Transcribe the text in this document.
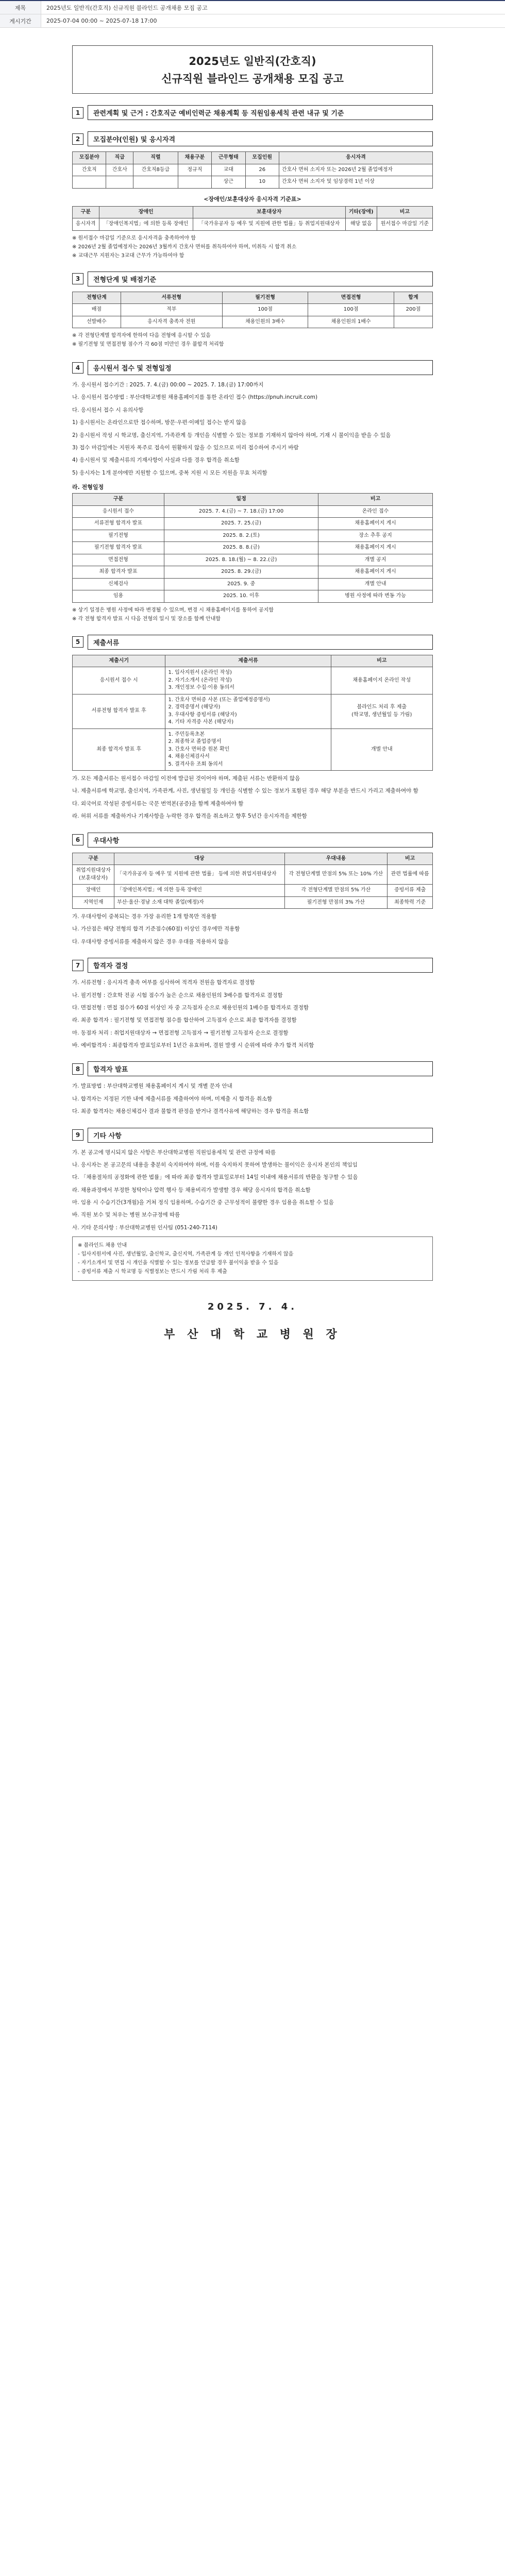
제목	2025년도 일반직(간호직) 신규직원 블라인드 공개채용 모집 공고
게시기간	2025-07-04 00:00 ~ 2025-07-18 17:00
2025년도 일반직(간호직)
신규직원 블라인드 공개채용 모집 공고
1	관련계획 및 근거 : 간호직군 예비인력군 채용계획 등 직원임용세칙 관련 내규 및 기준
2	모집분야(인원) 및 응시자격
모집분야	직급	직렬	채용구분	근무형태	모집인원	응시자격
간호직	간호사	간호직8등급	정규직	교대	26	간호사 면허 소지자 또는 2026년 2월 졸업예정자
				상근	10	간호사 면허 소지자 및 임상경력 1년 이상
<장애인/보훈대상자 응시자격 기준표>
구분	장애인	보훈대상자	기타(장애)	비고
응시자격	「장애인복지법」에 의한 등록 장애인	「국가유공자 등 예우 및 지원에 관한 법률」등 취업지원대상자	해당 없음	원서접수 마감일 기준
※ 원서접수 마감일 기준으로 응시자격을 충족하여야 함
※ 2026년 2월 졸업예정자는 2026년 3월까지 간호사 면허를 취득하여야 하며, 미취득 시 합격 취소
※ 교대근무 지원자는 3교대 근무가 가능하여야 함
3	전형단계 및 배점기준
전형단계	서류전형	필기전형	면접전형	합계
배점	적부	100점	100점	200점
선발배수	응시자격 충족자 전원	채용인원의 3배수	채용인원의 1배수	
※ 각 전형단계별 합격자에 한하여 다음 전형에 응시할 수 있음
※ 필기전형 및 면접전형 점수가 각 60점 미만인 경우 불합격 처리함
4	응시원서 접수 및 전형일정
가. 응시원서 접수기간 : 2025. 7. 4.(금) 00:00 ~ 2025. 7. 18.(금) 17:00까지
나. 응시원서 접수방법 : 부산대학교병원 채용홈페이지를 통한 온라인 접수 (https://pnuh.incruit.com)
다. 응시원서 접수 시 유의사항
1) 응시원서는 온라인으로만 접수하며, 방문·우편·이메일 접수는 받지 않음
2) 응시원서 작성 시 학교명, 출신지역, 가족관계 등 개인을 식별할 수 있는 정보를 기재하지 않아야 하며, 기재 시 불이익을 받을 수 있음
3) 접수 마감일에는 지원자 폭주로 접속이 원활하지 않을 수 있으므로 미리 접수하여 주시기 바람
4) 응시원서 및 제출서류의 기재사항이 사실과 다를 경우 합격을 취소함
5) 응시자는 1개 분야에만 지원할 수 있으며, 중복 지원 시 모든 지원을 무효 처리함
라. 전형일정
구분	일정	비고
응시원서 접수	2025. 7. 4.(금) ~ 7. 18.(금) 17:00	온라인 접수
서류전형 합격자 발표	2025. 7. 25.(금)	채용홈페이지 게시
필기전형	2025. 8. 2.(토)	장소 추후 공지
필기전형 합격자 발표	2025. 8. 8.(금)	채용홈페이지 게시
면접전형	2025. 8. 18.(월) ~ 8. 22.(금)	개별 공지
최종 합격자 발표	2025. 8. 29.(금)	채용홈페이지 게시
신체검사	2025. 9. 중	개별 안내
임용	2025. 10. 이후	병원 사정에 따라 변동 가능
※ 상기 일정은 병원 사정에 따라 변경될 수 있으며, 변경 시 채용홈페이지를 통하여 공지함
※ 각 전형 합격자 발표 시 다음 전형의 일시 및 장소를 함께 안내함
5	제출서류
제출시기	제출서류	비고
응시원서 접수 시	1. 입사지원서 (온라인 작성)
2. 자기소개서 (온라인 작성)
3. 개인정보 수집·이용 동의서	채용홈페이지 온라인 작성
서류전형 합격자 발표 후	1. 간호사 면허증 사본 (또는 졸업예정증명서)
2. 경력증명서 (해당자)
3. 우대사항 증빙서류 (해당자)
4. 기타 자격증 사본 (해당자)	블라인드 처리 후 제출
(학교명, 생년월일 등 가림)
최종 합격자 발표 후	1. 주민등록초본
2. 최종학교 졸업증명서
3. 간호사 면허증 원본 확인
4. 채용신체검사서
5. 결격사유 조회 동의서	개별 안내
가. 모든 제출서류는 원서접수 마감일 이전에 발급된 것이어야 하며, 제출된 서류는 반환하지 않음
나. 제출서류에 학교명, 출신지역, 가족관계, 사진, 생년월일 등 개인을 식별할 수 있는 정보가 포함된 경우 해당 부분을 반드시 가리고 제출하여야 함
다. 외국어로 작성된 증빙서류는 국문 번역본(공증)을 함께 제출하여야 함
라. 허위 서류를 제출하거나 기재사항을 누락한 경우 합격을 취소하고 향후 5년간 응시자격을 제한함
6	우대사항
구분	대상	우대내용	비고
취업지원대상자
(보훈대상자)	「국가유공자 등 예우 및 지원에 관한 법률」 등에 의한 취업지원대상자	각 전형단계별 만점의 5% 또는 10% 가산	관련 법률에 따름
장애인	「장애인복지법」에 의한 등록 장애인	각 전형단계별 만점의 5% 가산	증빙서류 제출
지역인재	부산·울산·경남 소재 대학 졸업(예정)자	필기전형 만점의 3% 가산	최종학력 기준
가. 우대사항이 중복되는 경우 가장 유리한 1개 항목만 적용함
나. 가산점은 해당 전형의 합격 기준점수(60점) 이상인 경우에만 적용함
다. 우대사항 증빙서류를 제출하지 않은 경우 우대를 적용하지 않음
7	합격자 결정
가. 서류전형 : 응시자격 충족 여부를 심사하여 적격자 전원을 합격자로 결정함
나. 필기전형 : 간호학 전공 시험 점수가 높은 순으로 채용인원의 3배수를 합격자로 결정함
다. 면접전형 : 면접 점수가 60점 이상인 자 중 고득점자 순으로 채용인원의 1배수를 합격자로 결정함
라. 최종 합격자 : 필기전형 및 면접전형 점수를 합산하여 고득점자 순으로 최종 합격자를 결정함
마. 동점자 처리 : 취업지원대상자 → 면접전형 고득점자 → 필기전형 고득점자 순으로 결정함
바. 예비합격자 : 최종합격자 발표일로부터 1년간 유효하며, 결원 발생 시 순위에 따라 추가 합격 처리함
8	합격자 발표
가. 발표방법 : 부산대학교병원 채용홈페이지 게시 및 개별 문자 안내
나. 합격자는 지정된 기한 내에 제출서류를 제출하여야 하며, 미제출 시 합격을 취소함
다. 최종 합격자는 채용신체검사 결과 불합격 판정을 받거나 결격사유에 해당하는 경우 합격을 취소함
9	기타 사항
가. 본 공고에 명시되지 않은 사항은 부산대학교병원 직원임용세칙 및 관련 규정에 따름
나. 응시자는 본 공고문의 내용을 충분히 숙지하여야 하며, 이를 숙지하지 못하여 발생하는 불이익은 응시자 본인의 책임임
다. 「채용절차의 공정화에 관한 법률」에 따라 최종 합격자 발표일로부터 14일 이내에 채용서류의 반환을 청구할 수 있음
라. 채용과정에서 부정한 청탁이나 압력 행사 등 채용비리가 발생할 경우 해당 응시자의 합격을 취소함
마. 임용 시 수습기간(3개월)을 거쳐 정식 임용하며, 수습기간 중 근무성적이 불량한 경우 임용을 취소할 수 있음
바. 직원 보수 및 처우는 병원 보수규정에 따름
사. 기타 문의사항 : 부산대학교병원 인사팀 (051-240-7114)
※ 블라인드 채용 안내
- 입사지원서에 사진, 생년월일, 출신학교, 출신지역, 가족관계 등 개인 인적사항을 기재하지 않음
- 자기소개서 및 면접 시 개인을 식별할 수 있는 정보를 언급할 경우 불이익을 받을 수 있음
- 증빙서류 제출 시 학교명 등 식별정보는 반드시 가림 처리 후 제출
2025. 7. 4.
부 산 대 학 교 병 원 장
